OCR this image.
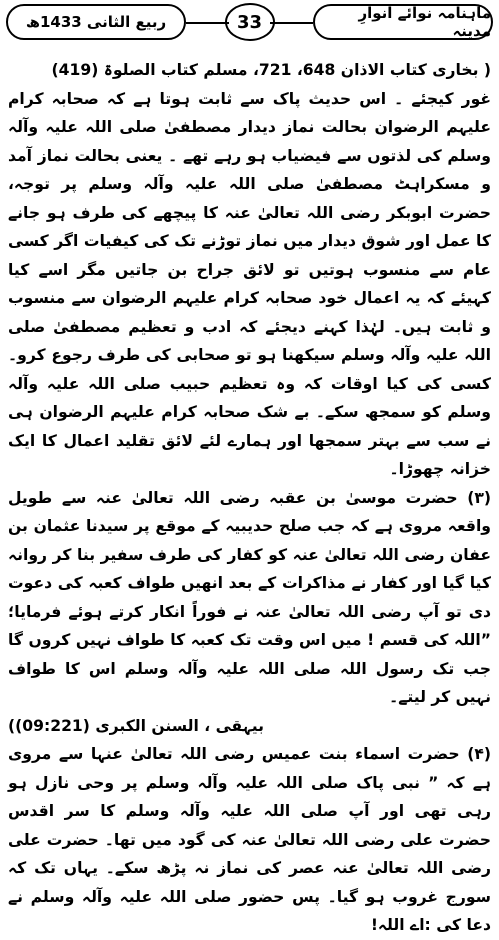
ماہنامہ نوائے انوارِ مدینہ
33
ربیع الثانی 1433ھ

( بخاری کتاب الاذان 648، 721، مسلم کتاب الصلوۃ (419)

غور کیجئے ۔ اس حدیث پاک سے ثابت ہوتا ہے کہ صحابہ کرام علیہم الرضوان بحالت نماز دیدار مصطفیٰ صلی اللہ علیہ وآلہ وسلم کی لذتوں سے فیضیاب ہو رہے تھے ۔ یعنی بحالت نماز آمد و مسکراہٹ مصطفیٰ صلی اللہ علیہ وآلہ وسلم پر توجہ، حضرت ابوبکر رضی اللہ تعالیٰ عنہ کا پیچھے کی طرف ہو جانے کا عمل اور شوق دیدار میں نماز توڑنے تک کی کیفیات اگر کسی عام سے منسوب ہوتیں تو لائق جراح بن جاتیں مگر اسے کیا کہیئے کہ یہ اعمال خود صحابہ کرام علیہم الرضوان سے منسوب و ثابت ہیں۔ لہٰذا کہنے دیجئے کہ ادب و تعظیم مصطفیٰ صلی اللہ علیہ وآلہ وسلم سیکھنا ہو تو صحابی کی طرف رجوع کرو۔ کسی کی کیا اوقات کہ وہ تعظیم حبیب صلی اللہ علیہ وآلہ وسلم کو سمجھ سکے۔ بے شک صحابہ کرام علیہم الرضوان ہی نے سب سے بہتر سمجھا اور ہمارے لئے لائق تقلید اعمال کا ایک خزانہ چھوڑا۔

(۳) حضرت موسیٰ بن عقبہ رضی اللہ تعالیٰ عنہ سے طویل واقعہ مروی ہے کہ جب صلح حدیبیہ کے موقع پر سیدنا عثمان بن عفان رضی اللہ تعالیٰ عنہ کو کفار کی طرف سفیر بنا کر روانہ کیا گیا اور کفار نے مذاکرات کے بعد انھیں طواف کعبہ کی دعوت دی تو آپ رضی اللہ تعالیٰ عنہ نے فوراً انکار کرتے ہوئے فرمایا؛ ”اللہ کی قسم ! میں اس وقت تک کعبہ کا طواف نہیں کروں گا جب تک رسول اللہ صلی اللہ علیہ وآلہ وسلم اس کا طواف نہیں کر لیتے۔

(بیہقی ، السنن الکبری (09:221)

(۴) حضرت اسماء بنت عمیس رضی اللہ تعالیٰ عنہا سے مروی ہے کہ ” نبی پاک صلی اللہ علیہ وآلہ وسلم پر وحی نازل ہو رہی تھی اور آپ صلی اللہ علیہ وآلہ وسلم کا سر اقدس حضرت علی رضی اللہ تعالیٰ عنہ کی گود میں تھا۔ حضرت علی رضی اللہ تعالیٰ عنہ عصر کی نماز نہ پڑھ سکے۔ یہاں تک کہ سورج غروب ہو گیا۔ پس حضور صلی اللہ علیہ وآلہ وسلم نے دعا کی :اے اللہ!
